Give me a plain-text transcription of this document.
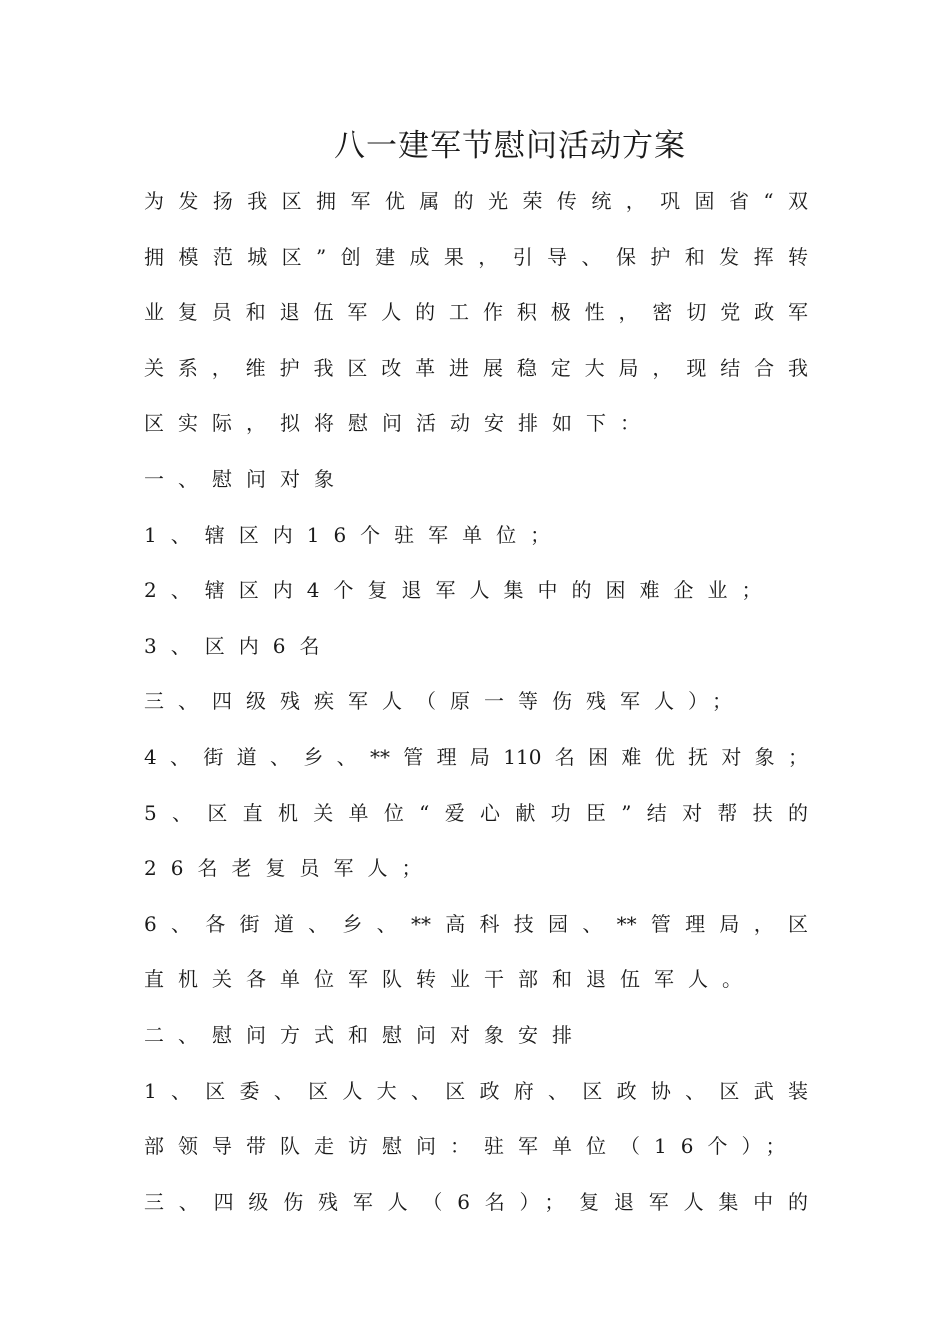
八一建军节慰问活动方案
为发扬我区拥军优属的光荣传统，巩固省“双
拥模范城区”创建成果，引导、保护和发挥转
业复员和退伍军人的工作积极性，密切党政军
关系，维护我区改革进展稳定大局，现结合我
区实际，拟将慰问活动安排如下：
一、慰问对象
1、辖区内16个驻军单位；
2、辖区内4个复退军人集中的困难企业；
3、区内6名
三、四级残疾军人（原一等伤残军人）；
4、街道、乡、**管理局110名困难优抚对象；
5、区直机关单位“爱心献功臣”结对帮扶的
26名老复员军人；
6、各街道、乡、**高科技园、**管理局，区
直机关各单位军队转业干部和退伍军人。
二、慰问方式和慰问对象安排
1、区委、区人大、区政府、区政协、区武装
部领导带队走访慰问：驻军单位（16个）；
三、四级伤残军人（6名）；复退军人集中的
